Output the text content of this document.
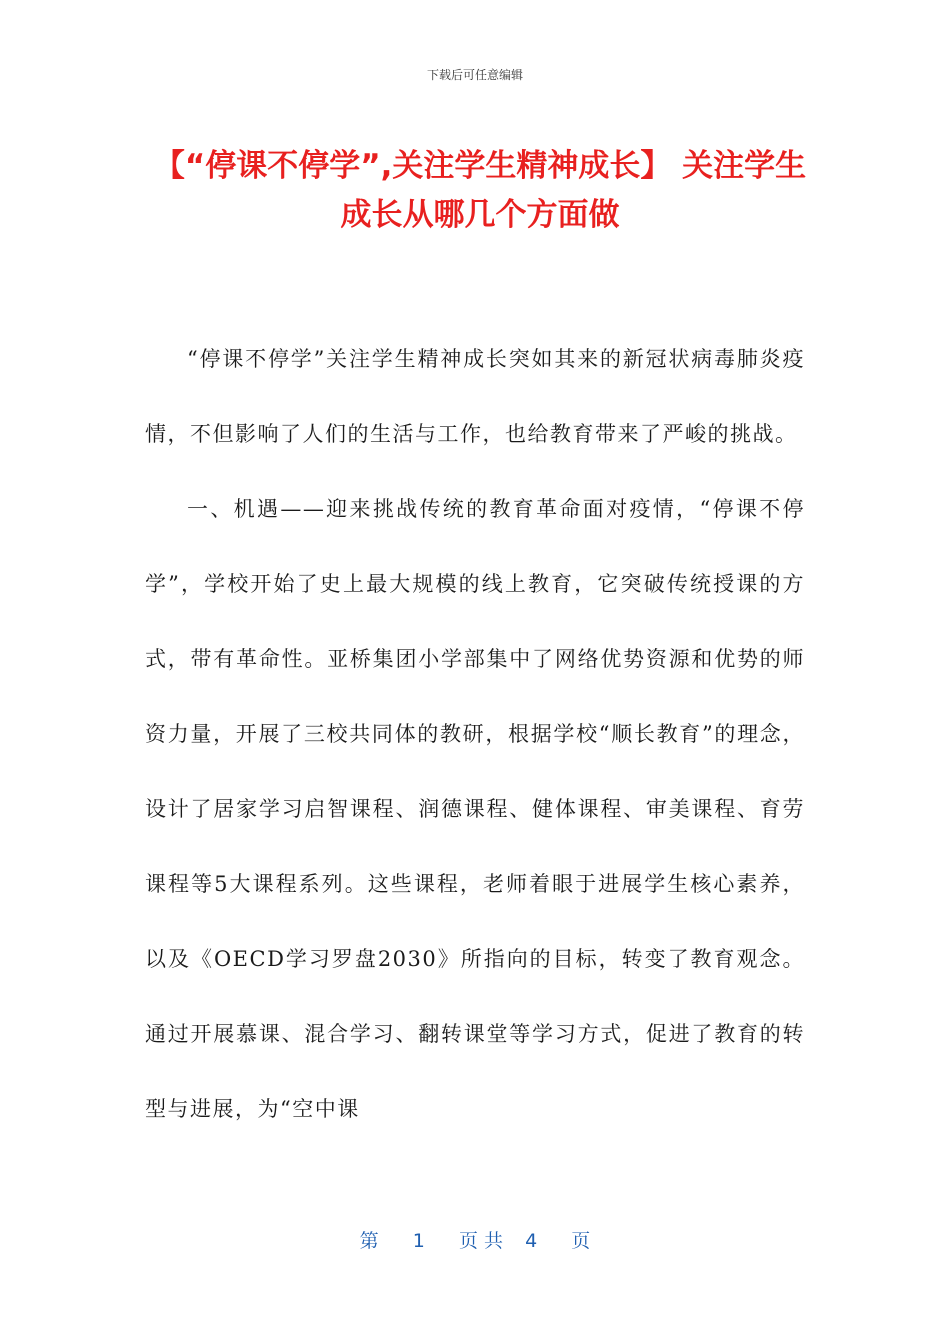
下载后可任意编辑
【“停课不停学”,关注学生精神成长】 关注学生成长从哪几个方面做

“停课不停学”关注学生精神成长突如其来的新冠状病毒肺炎疫情，不但影响了人们的生活与工作，也给教育带来了严峻的挑战。

一、机遇——迎来挑战传统的教育革命面对疫情，“停课不停学”，学校开始了史上最大规模的线上教育，它突破传统授课的方式，带有革命性。亚桥集团小学部集中了网络优势资源和优势的师资力量，开展了三校共同体的教研，根据学校“顺长教育”的理念，设计了居家学习启智课程、润德课程、健体课程、审美课程、育劳课程等5大课程系列。这些课程，老师着眼于进展学生核心素养，以及《OECD学习罗盘2030》所指向的目标，转变了教育观念。通过开展慕课、混合学习、翻转课堂等学习方式，促进了教育的转型与进展，为“空中课

第 1 页 共 4 页
